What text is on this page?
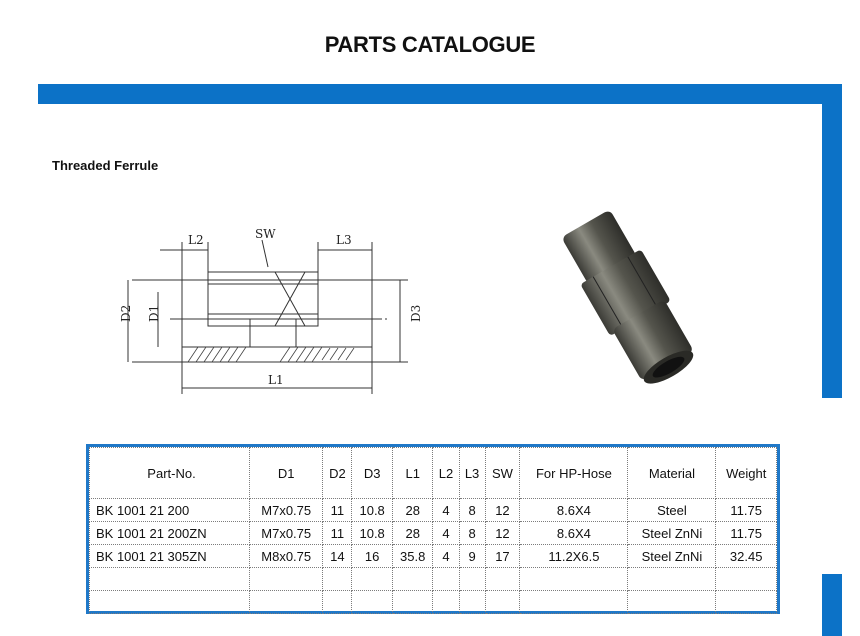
PARTS CATALOGUE
Threaded Ferrule
L2	SW	L3
D2 D1	D3
L1
Part-No.	D1	D2	D3	L1	L2	L3	SW	For HP-Hose	Material	Weight
BK 1001 21 200	M7x0.75	11	10.8	28	4	8	12	8.6X4	Steel	11.75
BK 1001 21 200ZN	M7x0.75	11	10.8	28	4	8	12	8.6X4	Steel ZnNi	11.75
BK 1001 21 305ZN	M8x0.75	14	16	35.8	4	9	17	11.2X6.5	Steel ZnNi	32.45
